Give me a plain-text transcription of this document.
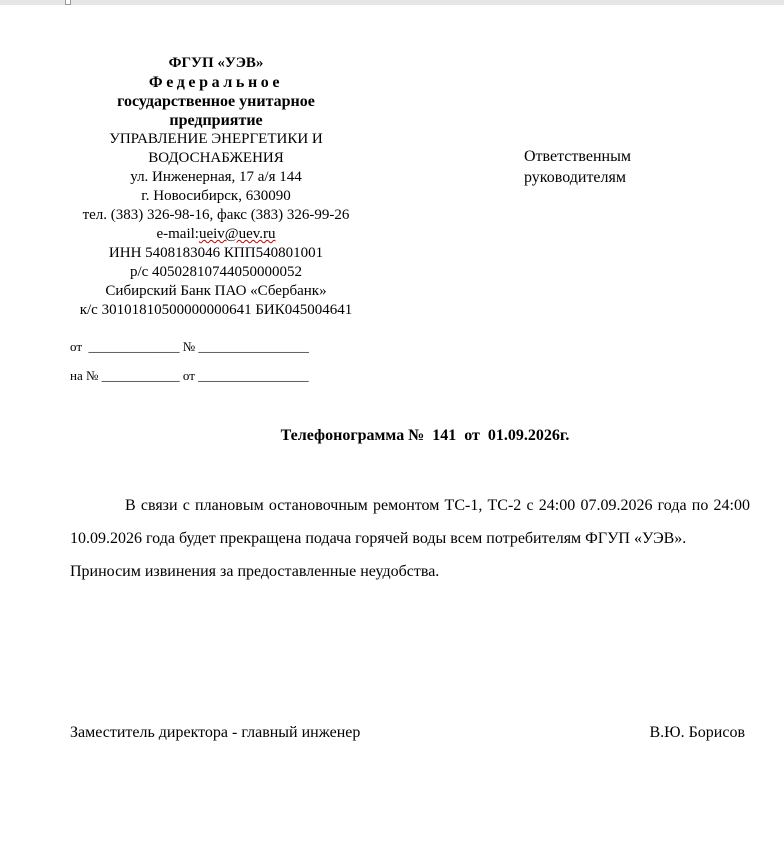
ФГУП «УЭВ»
Федеральное
государственное унитарное
предприятие
УПРАВЛЕНИЕ ЭНЕРГЕТИКИ И
ВОДОСНАБЖЕНИЯ
ул. Инженерная, 17 а/я 144
г. Новосибирск, 630090
тел. (383) 326-98-16, факс (383) 326-99-26
e-mail:ueiv@uev.ru
ИНН 5408183046 КПП540801001
р/с 40502810744050000052
Сибирский Банк ПАО «Сбербанк»
к/с 30101810500000000641 БИК045004641
от  ______________ № _________________
на № ____________ от _________________
Ответственным
руководителям
Телефонограмма №  141  от  01.09.2026г.

В связи с плановым остановочным ремонтом ТС-1, ТС-2 с 24:00 07.09.2026 года по 24:00 10.09.2026 года будет прекращена подача горячей воды всем потребителям ФГУП «УЭВ».

Приносим извинения за предоставленные неудобства.

Заместитель директора - главный инженер	В.Ю. Борисов
